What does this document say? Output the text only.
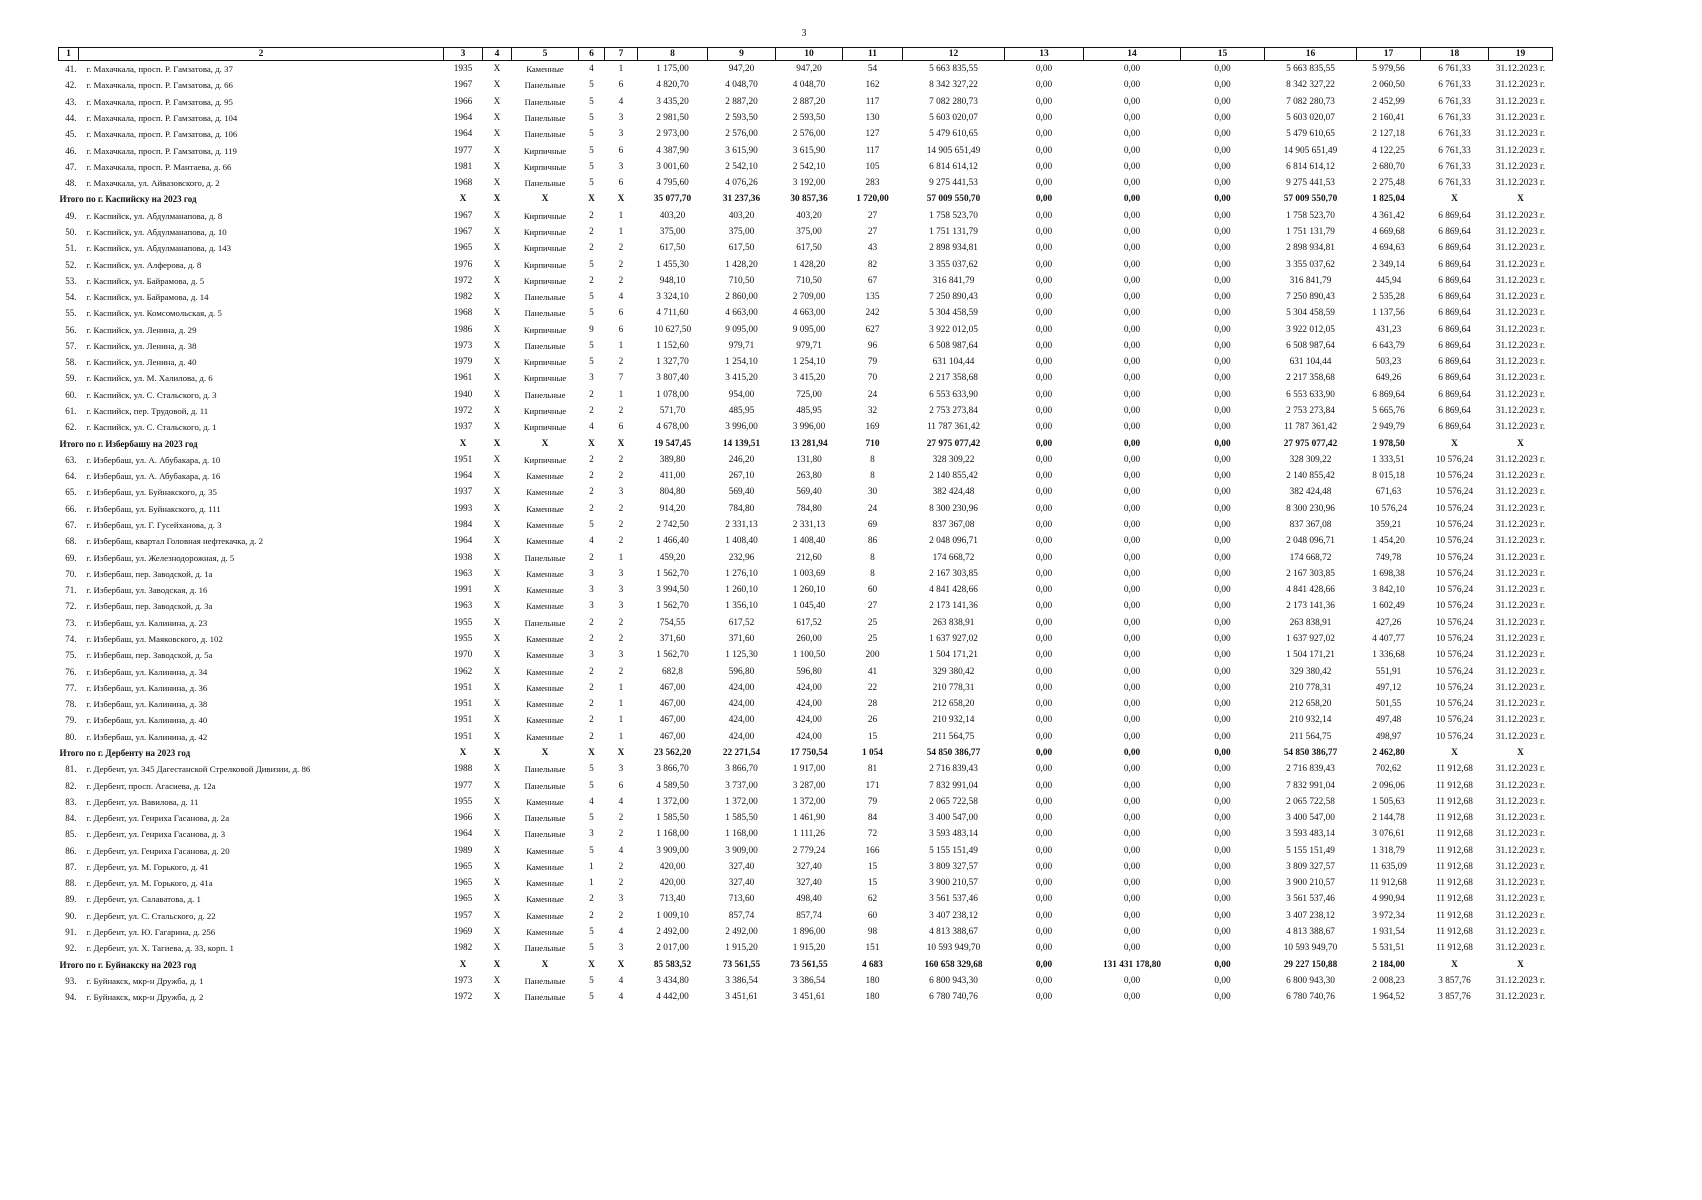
3
1	2	3	4	5	6	7	8	9	10	11	12	13	14	15	16	17	18	19
41.	г. Махачкала, просп. Р. Гамзатова, д. 37	1935	X	Каменные	4	1	1 175,00	947,20	947,20	54	5 663 835,55	0,00	0,00	0,00	5 663 835,55	5 979,56	6 761,33	31.12.2023 г.
42.	г. Махачкала, просп. Р. Гамзатова, д. 66	1967	X	Панельные	5	6	4 820,70	4 048,70	4 048,70	162	8 342 327,22	0,00	0,00	0,00	8 342 327,22	2 060,50	6 761,33	31.12.2023 г.
43.	г. Махачкала, просп. Р. Гамзатова, д. 95	1966	X	Панельные	5	4	3 435,20	2 887,20	2 887,20	117	7 082 280,73	0,00	0,00	0,00	7 082 280,73	2 452,99	6 761,33	31.12.2023 г.
44.	г. Махачкала, просп. Р. Гамзатова, д. 104	1964	X	Панельные	5	3	2 981,50	2 593,50	2 593,50	130	5 603 020,07	0,00	0,00	0,00	5 603 020,07	2 160,41	6 761,33	31.12.2023 г.
45.	г. Махачкала, просп. Р. Гамзатова, д. 106	1964	X	Панельные	5	3	2 973,00	2 576,00	2 576,00	127	5 479 610,65	0,00	0,00	0,00	5 479 610,65	2 127,18	6 761,33	31.12.2023 г.
46.	г. Махачкала, просп. Р. Гамзатова, д. 119	1977	X	Кирпичные	5	6	4 387,90	3 615,90	3 615,90	117	14 905 651,49	0,00	0,00	0,00	14 905 651,49	4 122,25	6 761,33	31.12.2023 г.
47.	г. Махачкала, просп. Р. Мантаева, д. 66	1981	X	Кирпичные	5	3	3 001,60	2 542,10	2 542,10	105	6 814 614,12	0,00	0,00	0,00	6 814 614,12	2 680,70	6 761,33	31.12.2023 г.
48.	г. Махачкала, ул. Айвазовского, д. 2	1968	X	Панельные	5	6	4 795,60	4 076,26	3 192,00	283	9 275 441,53	0,00	0,00	0,00	9 275 441,53	2 275,48	6 761,33	31.12.2023 г.
Итого по г. Каспийску на 2023 год		X	X	X	X	X	35 077,70	31 237,36	30 857,36	1 720,00	57 009 550,70	0,00	0,00	0,00	57 009 550,70	1 825,04	X	X
49.	г. Каспийск, ул. Абдулманапова, д. 8	1967	X	Кирпичные	2	1	403,20	403,20	403,20	27	1 758 523,70	0,00	0,00	0,00	1 758 523,70	4 361,42	6 869,64	31.12.2023 г.
50.	г. Каспийск, ул. Абдулманапова, д. 10	1967	X	Кирпичные	2	1	375,00	375,00	375,00	27	1 751 131,79	0,00	0,00	0,00	1 751 131,79	4 669,68	6 869,64	31.12.2023 г.
51.	г. Каспийск, ул. Абдулманапова, д. 143	1965	X	Кирпичные	2	2	617,50	617,50	617,50	43	2 898 934,81	0,00	0,00	0,00	2 898 934,81	4 694,63	6 869,64	31.12.2023 г.
52.	г. Каспийск, ул. Алферова, д. 8	1976	X	Кирпичные	5	2	1 455,30	1 428,20	1 428,20	82	3 355 037,62	0,00	0,00	0,00	3 355 037,62	2 349,14	6 869,64	31.12.2023 г.
53.	г. Каспийск, ул. Байрамова, д. 5	1972	X	Кирпичные	2	2	948,10	710,50	710,50	67	316 841,79	0,00	0,00	0,00	316 841,79	445,94	6 869,64	31.12.2023 г.
54.	г. Каспийск, ул. Байрамова, д. 14	1982	X	Панельные	5	4	3 324,10	2 860,00	2 709,00	135	7 250 890,43	0,00	0,00	0,00	7 250 890,43	2 535,28	6 869,64	31.12.2023 г.
55.	г. Каспийск, ул. Комсомольская, д. 5	1968	X	Панельные	5	6	4 711,60	4 663,00	4 663,00	242	5 304 458,59	0,00	0,00	0,00	5 304 458,59	1 137,56	6 869,64	31.12.2023 г.
56.	г. Каспийск, ул. Ленина, д. 29	1986	X	Кирпичные	9	6	10 627,50	9 095,00	9 095,00	627	3 922 012,05	0,00	0,00	0,00	3 922 012,05	431,23	6 869,64	31.12.2023 г.
57.	г. Каспийск, ул. Ленина, д. 38	1973	X	Панельные	5	1	1 152,60	979,71	979,71	96	6 508 987,64	0,00	0,00	0,00	6 508 987,64	6 643,79	6 869,64	31.12.2023 г.
58.	г. Каспийск, ул. Ленина, д. 40	1979	X	Кирпичные	5	2	1 327,70	1 254,10	1 254,10	79	631 104,44	0,00	0,00	0,00	631 104,44	503,23	6 869,64	31.12.2023 г.
59.	г. Каспийск, ул. М. Халилова, д. 6	1961	X	Кирпичные	3	7	3 807,40	3 415,20	3 415,20	70	2 217 358,68	0,00	0,00	0,00	2 217 358,68	649,26	6 869,64	31.12.2023 г.
60.	г. Каспийск, ул. С. Стальского, д. 3	1940	X	Панельные	2	1	1 078,00	954,00	725,00	24	6 553 633,90	0,00	0,00	0,00	6 553 633,90	6 869,64	6 869,64	31.12.2023 г.
61.	г. Каспийск, пер. Трудовой, д. 11	1972	X	Кирпичные	2	2	571,70	485,95	485,95	32	2 753 273,84	0,00	0,00	0,00	2 753 273,84	5 665,76	6 869,64	31.12.2023 г.
62.	г. Каспийск, ул. С. Стальского, д. 1	1937	X	Кирпичные	4	6	4 678,00	3 996,00	3 996,00	169	11 787 361,42	0,00	0,00	0,00	11 787 361,42	2 949,79	6 869,64	31.12.2023 г.
Итого по г. Избербашу на 2023 год		X	X	X	X	X	19 547,45	14 139,51	13 281,94	710	27 975 077,42	0,00	0,00	0,00	27 975 077,42	1 978,50	X	X
63.	г. Избербаш, ул. А. Абубакара, д. 10	1951	X	Кирпичные	2	2	389,80	246,20	131,80	8	328 309,22	0,00	0,00	0,00	328 309,22	1 333,51	10 576,24	31.12.2023 г.
64.	г. Избербаш, ул. А. Абубакара, д. 16	1964	X	Каменные	2	2	411,00	267,10	263,80	8	2 140 855,42	0,00	0,00	0,00	2 140 855,42	8 015,18	10 576,24	31.12.2023 г.
65.	г. Избербаш, ул. Буйнакского, д. 35	1937	X	Каменные	2	3	804,80	569,40	569,40	30	382 424,48	0,00	0,00	0,00	382 424,48	671,63	10 576,24	31.12.2023 г.
66.	г. Избербаш, ул. Буйнакского, д. 111	1993	X	Каменные	2	2	914,20	784,80	784,80	24	8 300 230,96	0,00	0,00	0,00	8 300 230,96	10 576,24	10 576,24	31.12.2023 г.
67.	г. Избербаш, ул. Г. Гусейханова, д. 3	1984	X	Каменные	5	2	2 742,50	2 331,13	2 331,13	69	837 367,08	0,00	0,00	0,00	837 367,08	359,21	10 576,24	31.12.2023 г.
68.	г. Избербаш, квартал Головная нефтекачка, д. 2	1964	X	Каменные	4	2	1 466,40	1 408,40	1 408,40	86	2 048 096,71	0,00	0,00	0,00	2 048 096,71	1 454,20	10 576,24	31.12.2023 г.
69.	г. Избербаш, ул. Железнодорожная, д. 5	1938	X	Панельные	2	1	459,20	232,96	212,60	8	174 668,72	0,00	0,00	0,00	174 668,72	749,78	10 576,24	31.12.2023 г.
70.	г. Избербаш, пер. Заводской, д. 1а	1963	X	Каменные	3	3	1 562,70	1 276,10	1 003,69	8	2 167 303,85	0,00	0,00	0,00	2 167 303,85	1 698,38	10 576,24	31.12.2023 г.
71.	г. Избербаш, ул. Заводская, д. 16	1991	X	Каменные	3	3	3 994,50	1 260,10	1 260,10	60	4 841 428,66	0,00	0,00	0,00	4 841 428,66	3 842,10	10 576,24	31.12.2023 г.
72.	г. Избербаш, пер. Заводской, д. 3а	1963	X	Каменные	3	3	1 562,70	1 356,10	1 045,40	27	2 173 141,36	0,00	0,00	0,00	2 173 141,36	1 602,49	10 576,24	31.12.2023 г.
73.	г. Избербаш, ул. Калинина, д. 23	1955	X	Панельные	2	2	754,55	617,52	617,52	25	263 838,91	0,00	0,00	0,00	263 838,91	427,26	10 576,24	31.12.2023 г.
74.	г. Избербаш, ул. Маяковского, д. 102	1955	X	Каменные	2	2	371,60	371,60	260,00	25	1 637 927,02	0,00	0,00	0,00	1 637 927,02	4 407,77	10 576,24	31.12.2023 г.
75.	г. Избербаш, пер. Заводской, д. 5а	1970	X	Каменные	3	3	1 562,70	1 125,30	1 100,50	200	1 504 171,21	0,00	0,00	0,00	1 504 171,21	1 336,68	10 576,24	31.12.2023 г.
76.	г. Избербаш, ул. Калинина, д. 34	1962	X	Каменные	2	2	682,8	596,80	596,80	41	329 380,42	0,00	0,00	0,00	329 380,42	551,91	10 576,24	31.12.2023 г.
77.	г. Избербаш, ул. Калинина, д. 36	1951	X	Каменные	2	1	467,00	424,00	424,00	22	210 778,31	0,00	0,00	0,00	210 778,31	497,12	10 576,24	31.12.2023 г.
78.	г. Избербаш, ул. Калинина, д. 38	1951	X	Каменные	2	1	467,00	424,00	424,00	28	212 658,20	0,00	0,00	0,00	212 658,20	501,55	10 576,24	31.12.2023 г.
79.	г. Избербаш, ул. Калинина, д. 40	1951	X	Каменные	2	1	467,00	424,00	424,00	26	210 932,14	0,00	0,00	0,00	210 932,14	497,48	10 576,24	31.12.2023 г.
80.	г. Избербаш, ул. Калинина, д. 42	1951	X	Каменные	2	1	467,00	424,00	424,00	15	211 564,75	0,00	0,00	0,00	211 564,75	498,97	10 576,24	31.12.2023 г.
Итого по г. Дербенту на 2023 год		X	X	X	X	X	23 562,20	22 271,54	17 750,54	1 054	54 850 386,77	0,00	0,00	0,00	54 850 386,77	2 462,80	X	X
81.	г. Дербент, ул. 345 Дагестанской Стрелковой Дивизии, д. 86	1988	X	Панельные	5	3	3 866,70	3 866,70	1 917,00	81	2 716 839,43	0,00	0,00	0,00	2 716 839,43	702,62	11 912,68	31.12.2023 г.
82.	г. Дербент, просп. Агасиева, д. 12а	1977	X	Панельные	5	6	4 589,50	3 737,00	3 287,00	171	7 832 991,04	0,00	0,00	0,00	7 832 991,04	2 096,06	11 912,68	31.12.2023 г.
83.	г. Дербент, ул. Вавилова, д. 11	1955	X	Каменные	4	4	1 372,00	1 372,00	1 372,00	79	2 065 722,58	0,00	0,00	0,00	2 065 722,58	1 505,63	11 912,68	31.12.2023 г.
84.	г. Дербент, ул. Генриха Гасанова, д. 2а	1966	X	Панельные	5	2	1 585,50	1 585,50	1 461,90	84	3 400 547,00	0,00	0,00	0,00	3 400 547,00	2 144,78	11 912,68	31.12.2023 г.
85.	г. Дербент, ул. Генриха Гасанова, д. 3	1964	X	Панельные	3	2	1 168,00	1 168,00	1 111,26	72	3 593 483,14	0,00	0,00	0,00	3 593 483,14	3 076,61	11 912,68	31.12.2023 г.
86.	г. Дербент, ул. Генриха Гасанова, д. 20	1989	X	Каменные	5	4	3 909,00	3 909,00	2 779,24	166	5 155 151,49	0,00	0,00	0,00	5 155 151,49	1 318,79	11 912,68	31.12.2023 г.
87.	г. Дербент, ул. М. Горького, д. 41	1965	X	Каменные	1	2	420,00	327,40	327,40	15	3 809 327,57	0,00	0,00	0,00	3 809 327,57	11 635,09	11 912,68	31.12.2023 г.
88.	г. Дербент, ул. М. Горького, д. 41а	1965	X	Каменные	1	2	420,00	327,40	327,40	15	3 900 210,57	0,00	0,00	0,00	3 900 210,57	11 912,68	11 912,68	31.12.2023 г.
89.	г. Дербент, ул. Салаватова, д. 1	1965	X	Каменные	2	3	713,40	713,60	498,40	62	3 561 537,46	0,00	0,00	0,00	3 561 537,46	4 990,94	11 912,68	31.12.2023 г.
90.	г. Дербент, ул. С. Стальского, д. 22	1957	X	Каменные	2	2	1 009,10	857,74	857,74	60	3 407 238,12	0,00	0,00	0,00	3 407 238,12	3 972,34	11 912,68	31.12.2023 г.
91.	г. Дербент, ул. Ю. Гагарина, д. 256	1969	X	Каменные	5	4	2 492,00	2 492,00	1 896,00	98	4 813 388,67	0,00	0,00	0,00	4 813 388,67	1 931,54	11 912,68	31.12.2023 г.
92.	г. Дербент, ул. Х. Тагиева, д. 33, корп. 1	1982	X	Панельные	5	3	2 017,00	1 915,20	1 915,20	151	10 593 949,70	0,00	0,00	0,00	10 593 949,70	5 531,51	11 912,68	31.12.2023 г.
Итого по г. Буйнакску на 2023 год		X	X	X	X	X	85 583,52	73 561,55	73 561,55	4 683	160 658 329,68	0,00	131 431 178,80	0,00	29 227 150,88	2 184,00	X	X
93.	г. Буйнакск, мкр-н Дружба, д. 1	1973	X	Панельные	5	4	3 434,80	3 386,54	3 386,54	180	6 800 943,30	0,00	0,00	0,00	6 800 943,30	2 008,23	3 857,76	31.12.2023 г.
94.	г. Буйнакск, мкр-н Дружба, д. 2	1972	X	Панельные	5	4	4 442,00	3 451,61	3 451,61	180	6 780 740,76	0,00	0,00	0,00	6 780 740,76	1 964,52	3 857,76	31.12.2023 г.
